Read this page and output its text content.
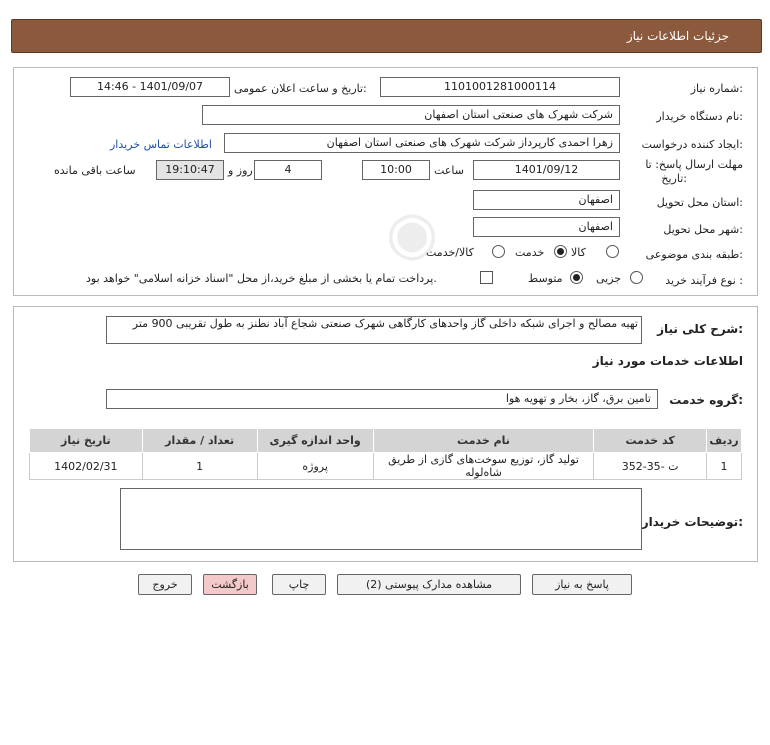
جزئیات اطلاعات نیاز
◉
شماره نیاز:
1101001281000114
تاریخ و ساعت اعلان عمومی:
1401/09/07 - 14:46
نام دستگاه خریدار:
شرکت شهرک های صنعتی استان اصفهان
ایجاد کننده درخواست:
زهرا احمدی کارپرداز شرکت شهرک های صنعتی استان اصفهان
اطلاعات تماس خریدار
مهلت ارسال پاسخ: تا
تاریخ:
1401/09/12
ساعت
10:00
4
روز و
19:10:47
ساعت باقی مانده
استان محل تحویل:
اصفهان
شهر محل تحویل:
اصفهان
طبقه بندی موضوعی:
کالا
خدمت
کالا/خدمت
نوع فرآیند خرید :
جزیی
متوسط
پرداخت تمام یا بخشی از مبلغ خرید،از محل "اسناد خزانه اسلامی" خواهد بود.
شرح کلی نیاز:
تهیه مصالح و اجرای شبکه داخلی گاز واحدهای کارگاهی شهرک صنعتی شجاع آباد نطنز به طول تقریبی 900 متر
اطلاعات خدمات مورد نیاز
گروه خدمت:
تامین برق، گاز، بخار و تهویه هوا
ردیف	کد خدمت	نام خدمت	واحد اندازه گیری	تعداد / مقدار	تاریخ نیاز
1	ت -35-352	تولید گاز، توزیع سوخت‌های گازی از طریق شاه‌لوله	پروژه	1	1402/02/31
توضیحات خریدار:
پاسخ به نیاز
مشاهده مدارک پیوستی (2)
چاپ
بازگشت
خروج
